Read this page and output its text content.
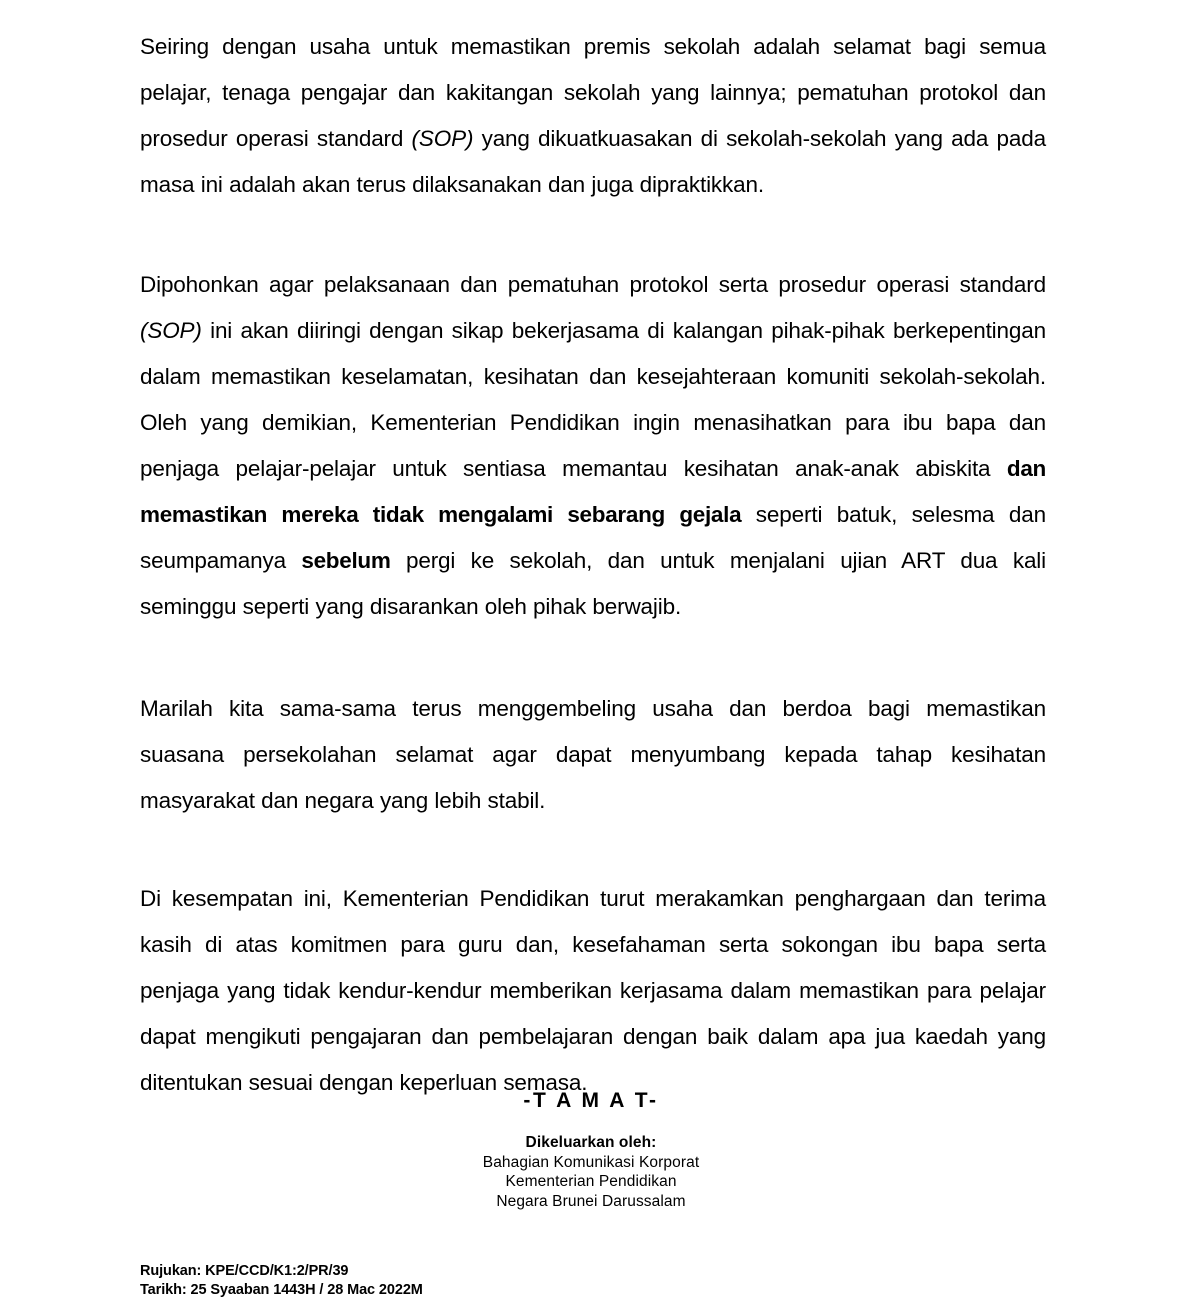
Seiring dengan usaha untuk memastikan premis sekolah adalah selamat bagi semua pelajar, tenaga pengajar dan kakitangan sekolah yang lainnya; pematuhan protokol dan prosedur operasi standard (SOP) yang dikuatkuasakan di sekolah-sekolah yang ada pada masa ini adalah akan terus dilaksanakan dan juga dipraktikkan.

Dipohonkan agar pelaksanaan dan pematuhan protokol serta prosedur operasi standard (SOP) ini akan diiringi dengan sikap bekerjasama di kalangan pihak-pihak berkepentingan dalam memastikan keselamatan, kesihatan dan kesejahteraan komuniti sekolah-sekolah. Oleh yang demikian, Kementerian Pendidikan ingin menasihatkan para ibu bapa dan penjaga pelajar-pelajar untuk sentiasa memantau kesihatan anak-anak abiskita dan memastikan mereka tidak mengalami sebarang gejala seperti batuk, selesma dan seumpamanya sebelum pergi ke sekolah, dan untuk menjalani ujian ART dua kali seminggu seperti yang disarankan oleh pihak berwajib.

Marilah kita sama-sama terus menggembeling usaha dan berdoa bagi memastikan suasana persekolahan selamat agar dapat menyumbang kepada tahap kesihatan masyarakat dan negara yang lebih stabil.

Di kesempatan ini, Kementerian Pendidikan turut merakamkan penghargaan dan terima kasih di atas komitmen para guru dan, kesefahaman serta sokongan ibu bapa serta penjaga yang tidak kendur-kendur memberikan kerjasama dalam memastikan para pelajar dapat mengikuti pengajaran dan pembelajaran dengan baik dalam apa jua kaedah yang ditentukan sesuai dengan keperluan semasa.

-T A M A T-

Dikeluarkan oleh:
Bahagian Komunikasi Korporat
Kementerian Pendidikan
Negara Brunei Darussalam
Rujukan: KPE/CCD/K1:2/PR/39
Tarikh: 25 Syaaban 1443H / 28 Mac 2022M
